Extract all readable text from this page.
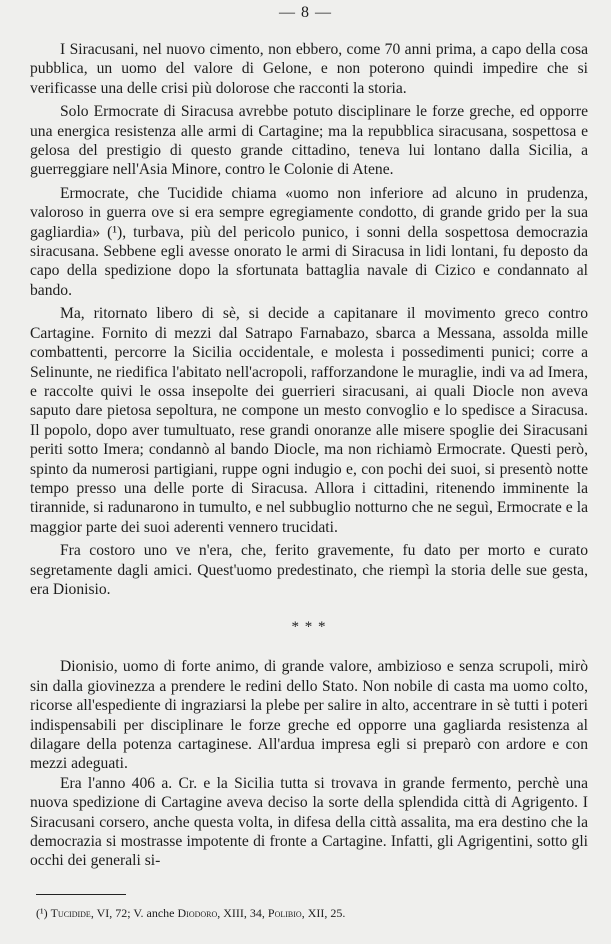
— 8 —

I Siracusani, nel nuovo cimento, non ebbero, come 70 anni prima, a capo della cosa pubblica, un uomo del valore di Gelone, e non poterono quindi impedire che si verificasse una delle crisi più dolorose che racconti la storia.

Solo Ermocrate di Siracusa avrebbe potuto disciplinare le forze greche, ed opporre una energica resistenza alle armi di Cartagine; ma la repubblica siracusana, sospettosa e gelosa del prestigio di questo grande cittadino, teneva lui lontano dalla Sicilia, a guerreggiare nell'Asia Minore, contro le Colonie di Atene.

Ermocrate, che Tucidide chiama «uomo non inferiore ad alcuno in prudenza, valoroso in guerra ove si era sempre egregiamente condotto, di grande grido per la sua gagliardia» (¹), turbava, più del pericolo punico, i sonni della sospettosa democrazia siracusana. Sebbene egli avesse onorato le armi di Siracusa in lidi lontani, fu deposto da capo della spedizione dopo la sfortunata battaglia navale di Cizico e condannato al bando.

Ma, ritornato libero di sè, si decide a capitanare il movimento greco contro Cartagine. Fornito di mezzi dal Satrapo Farnabazo, sbarca a Messana, assolda mille combattenti, percorre la Sicilia occidentale, e molesta i possedimenti punici; corre a Selinunte, ne riedifica l'abitato nell'acropoli, rafforzandone le muraglie, indi va ad Imera, e raccolte quivi le ossa insepolte dei guerrieri siracusani, ai quali Diocle non aveva saputo dare pietosa sepoltura, ne compone un mesto convoglio e lo spedisce a Siracusa. Il popolo, dopo aver tumultuato, rese grandi onoranze alle misere spoglie dei Siracusani periti sotto Imera; condannò al bando Diocle, ma non richiamò Ermocrate. Questi però, spinto da numerosi partigiani, ruppe ogni indugio e, con pochi dei suoi, si presentò notte tempo presso una delle porte di Siracusa. Allora i cittadini, ritenendo imminente la tirannide, si radunarono in tumulto, e nel subbuglio notturno che ne seguì, Ermocrate e la maggior parte dei suoi aderenti vennero trucidati.

Fra costoro uno ve n'era, che, ferito gravemente, fu dato per morto e curato segretamente dagli amici. Quest'uomo predestinato, che riempì la storia delle sue gesta, era Dionisio.

* * *

Dionisio, uomo di forte animo, di grande valore, ambizioso e senza scrupoli, mirò sin dalla giovinezza a prendere le redini dello Stato. Non nobile di casta ma uomo colto, ricorse all'espediente di ingraziarsi la plebe per salire in alto, accentrare in sè tutti i poteri indispensabili per disciplinare le forze greche ed opporre una gagliarda resistenza al dilagare della potenza cartaginese. All'ardua impresa egli si preparò con ardore e con mezzi adeguati.

Era l'anno 406 a. Cr. e la Sicilia tutta si trovava in grande fermento, perchè una nuova spedizione di Cartagine aveva deciso la sorte della splendida città di Agrigento. I Siracusani corsero, anche questa volta, in difesa della città assalita, ma era destino che la democrazia si mostrasse impotente di fronte a Cartagine. Infatti, gli Agrigentini, sotto gli occhi dei generali si-

(¹) Tucidide, VI, 72; V. anche Diodoro, XIII, 34, Polibio, XII, 25.
